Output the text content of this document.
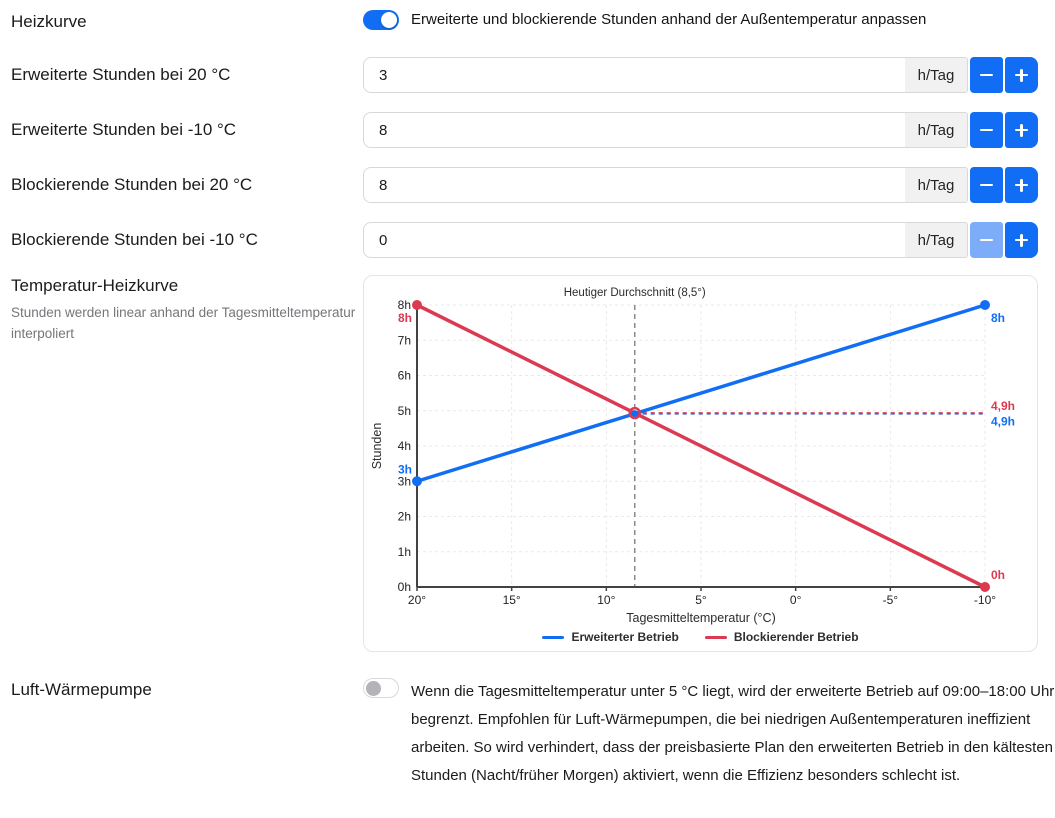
Heizkurve	Erweiterte und blockierende Stunden anhand der Außentemperatur anpassen
Erweiterte Stunden bei 20 °C
3	h/Tag
Erweiterte Stunden bei -10 °C
8	h/Tag
Blockierende Stunden bei 20 °C
8	h/Tag
Blockierende Stunden bei -10 °C
0	h/Tag
Temperatur-Heizkurve
Stunden werden linear anhand der Tagesmitteltemperatur interpoliert
3h
8h
4,9h
8h
0h
4,9h
Heutiger Durchschnitt (8,5°)
0h
1h
2h
3h
4h
5h
6h
7h
8h
20°	15°	10°	5°	0°	-5°	-10°
Tagesmitteltemperatur (°C)
Stunden
Erweiterter Betrieb	Blockierender Betrieb
Luft-Wärmepumpe	Wenn die Tagesmitteltemperatur unter 5 °C liegt, wird der erweiterte Betrieb auf 09:00–18:00 Uhr begrenzt. Empfohlen für Luft-Wärmepumpen, die bei niedrigen Außentemperaturen ineffizient arbeiten. So wird verhindert, dass der preisbasierte Plan den erweiterten Betrieb in den kältesten Stunden (Nacht/früher Morgen) aktiviert, wenn die Effizienz besonders schlecht ist.
